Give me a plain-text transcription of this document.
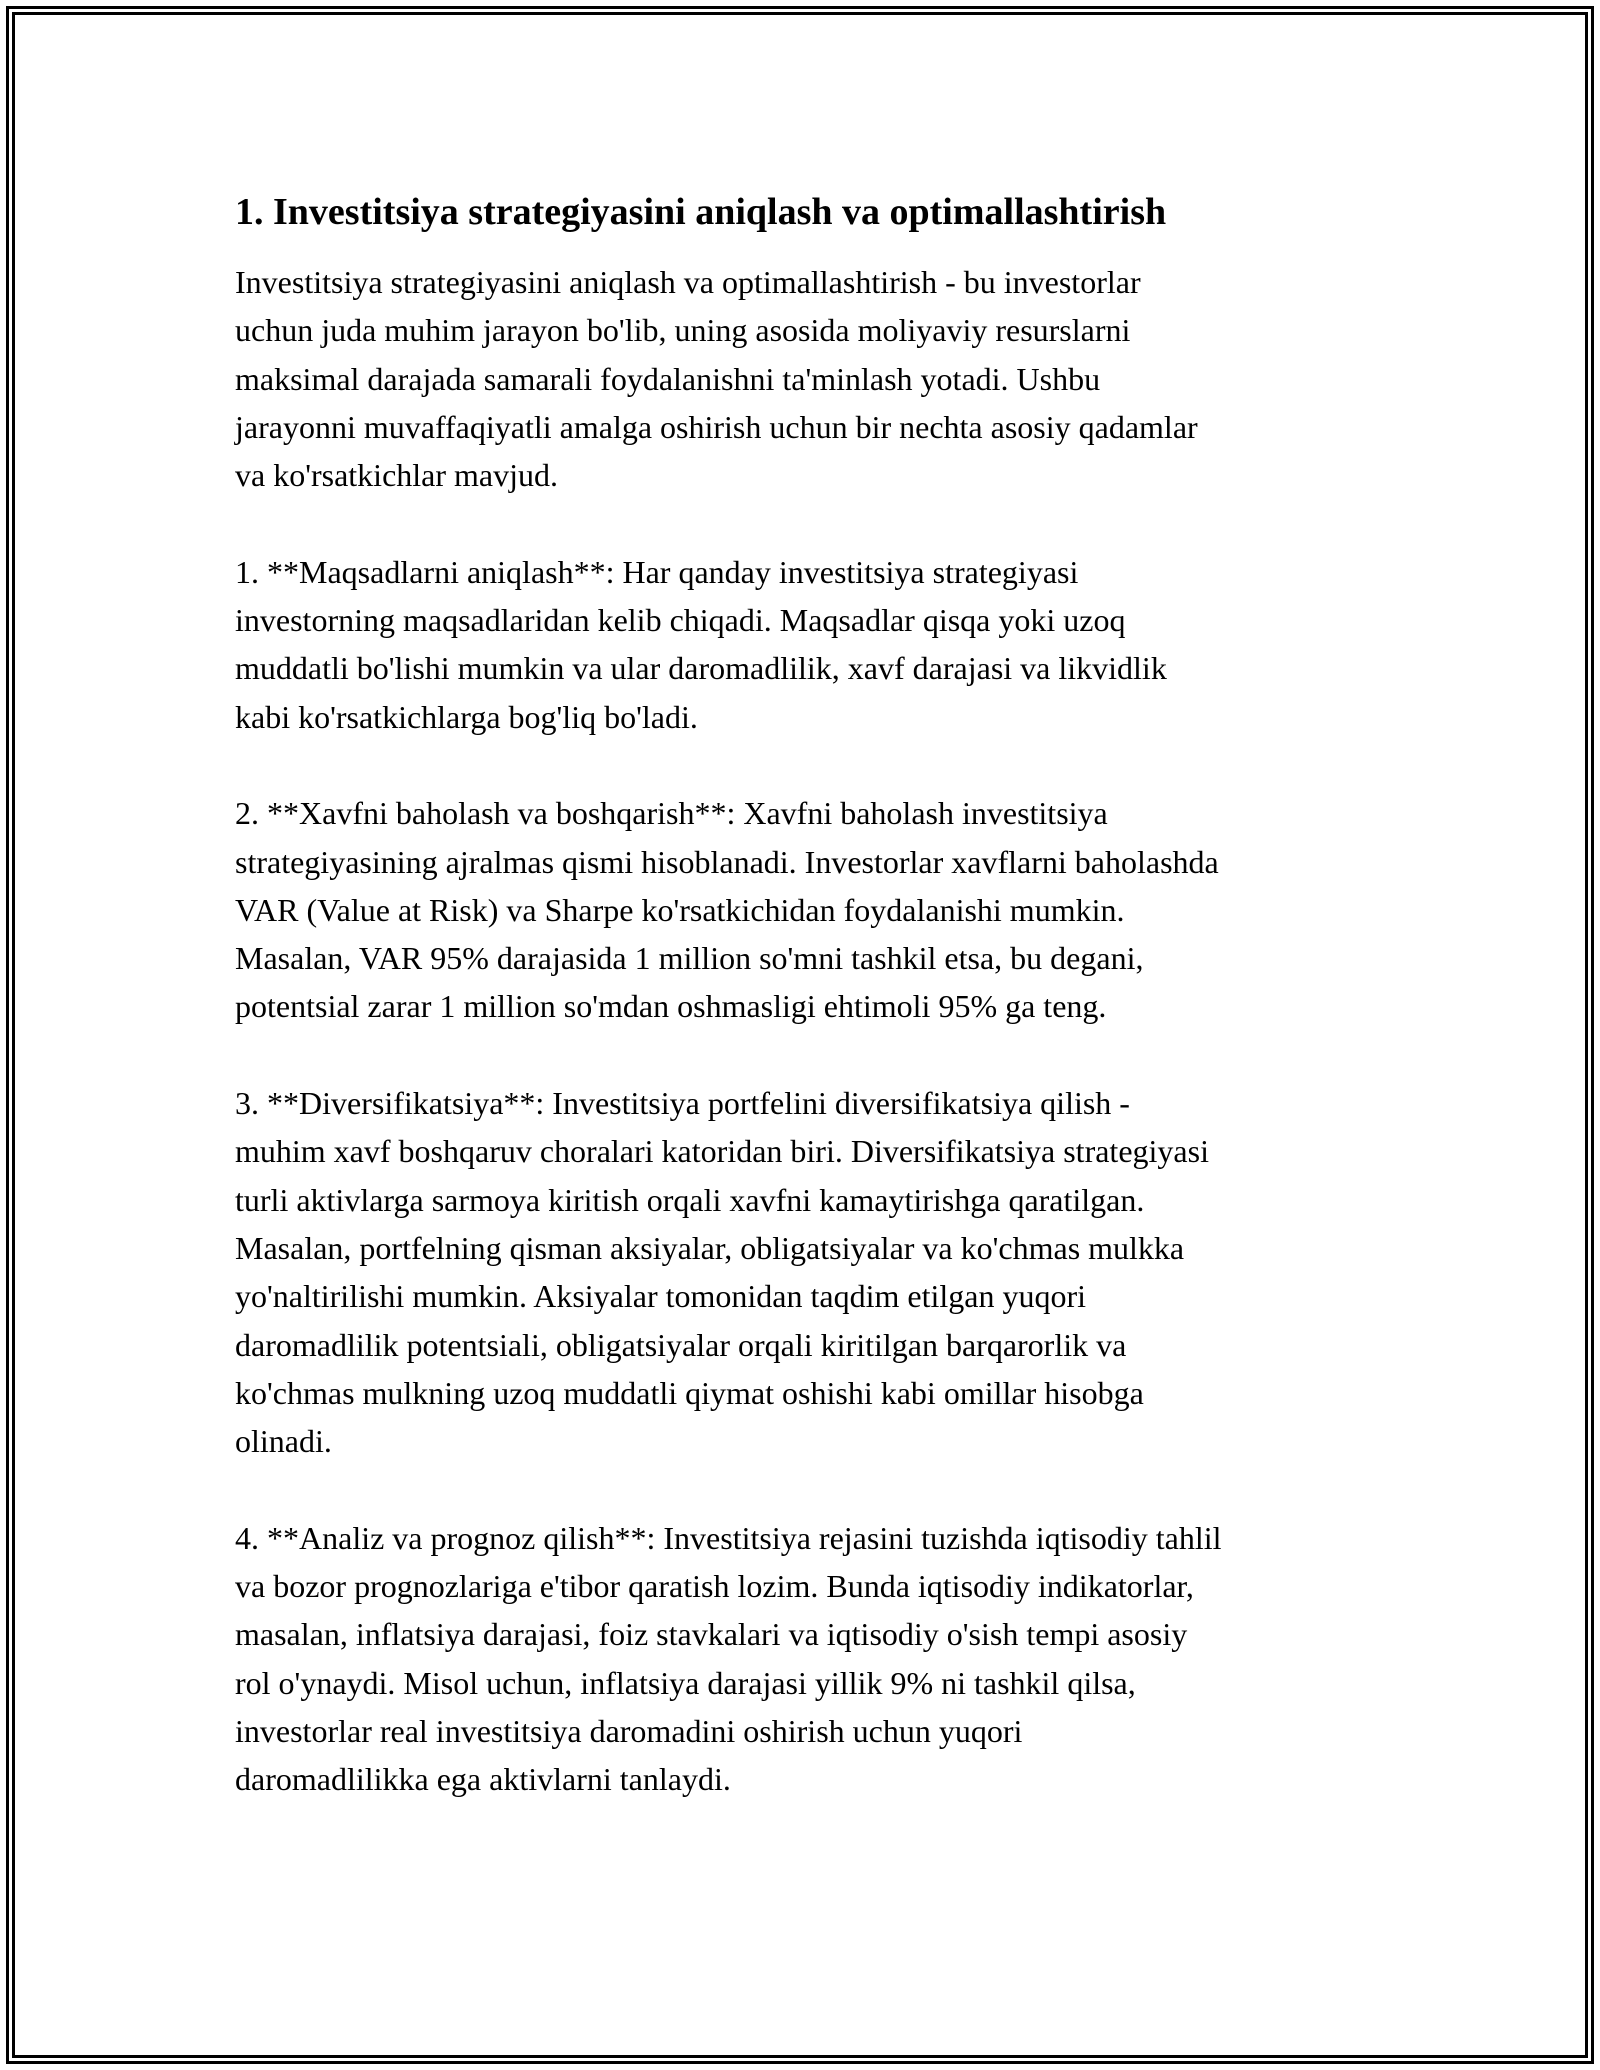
1. Investitsiya strategiyasini aniqlash va optimallashtirish
Investitsiya strategiyasini aniqlash va optimallashtirish - bu investorlar
uchun juda muhim jarayon bo'lib, uning asosida moliyaviy resurslarni
maksimal darajada samarali foydalanishni ta'minlash yotadi. Ushbu
jarayonni muvaffaqiyatli amalga oshirish uchun bir nechta asosiy qadamlar
va ko'rsatkichlar mavjud.
1. **Maqsadlarni aniqlash**: Har qanday investitsiya strategiyasi
investorning maqsadlaridan kelib chiqadi. Maqsadlar qisqa yoki uzoq
muddatli bo'lishi mumkin va ular daromadlilik, xavf darajasi va likvidlik
kabi ko'rsatkichlarga bog'liq bo'ladi.
2. **Xavfni baholash va boshqarish**: Xavfni baholash investitsiya
strategiyasining ajralmas qismi hisoblanadi. Investorlar xavflarni baholashda
VAR (Value at Risk) va Sharpe ko'rsatkichidan foydalanishi mumkin.
Masalan, VAR 95% darajasida 1 million so'mni tashkil etsa, bu degani,
potentsial zarar 1 million so'mdan oshmasligi ehtimoli 95% ga teng.
3. **Diversifikatsiya**: Investitsiya portfelini diversifikatsiya qilish -
muhim xavf boshqaruv choralari katoridan biri. Diversifikatsiya strategiyasi
turli aktivlarga sarmoya kiritish orqali xavfni kamaytirishga qaratilgan.
Masalan, portfelning qisman aksiyalar, obligatsiyalar va ko'chmas mulkka
yo'naltirilishi mumkin. Aksiyalar tomonidan taqdim etilgan yuqori
daromadlilik potentsiali, obligatsiyalar orqali kiritilgan barqarorlik va
ko'chmas mulkning uzoq muddatli qiymat oshishi kabi omillar hisobga
olinadi.
4. **Analiz va prognoz qilish**: Investitsiya rejasini tuzishda iqtisodiy tahlil
va bozor prognozlariga e'tibor qaratish lozim. Bunda iqtisodiy indikatorlar,
masalan, inflatsiya darajasi, foiz stavkalari va iqtisodiy o'sish tempi asosiy
rol o'ynaydi. Misol uchun, inflatsiya darajasi yillik 9% ni tashkil qilsa,
investorlar real investitsiya daromadini oshirish uchun yuqori
daromadlilikka ega aktivlarni tanlaydi.
